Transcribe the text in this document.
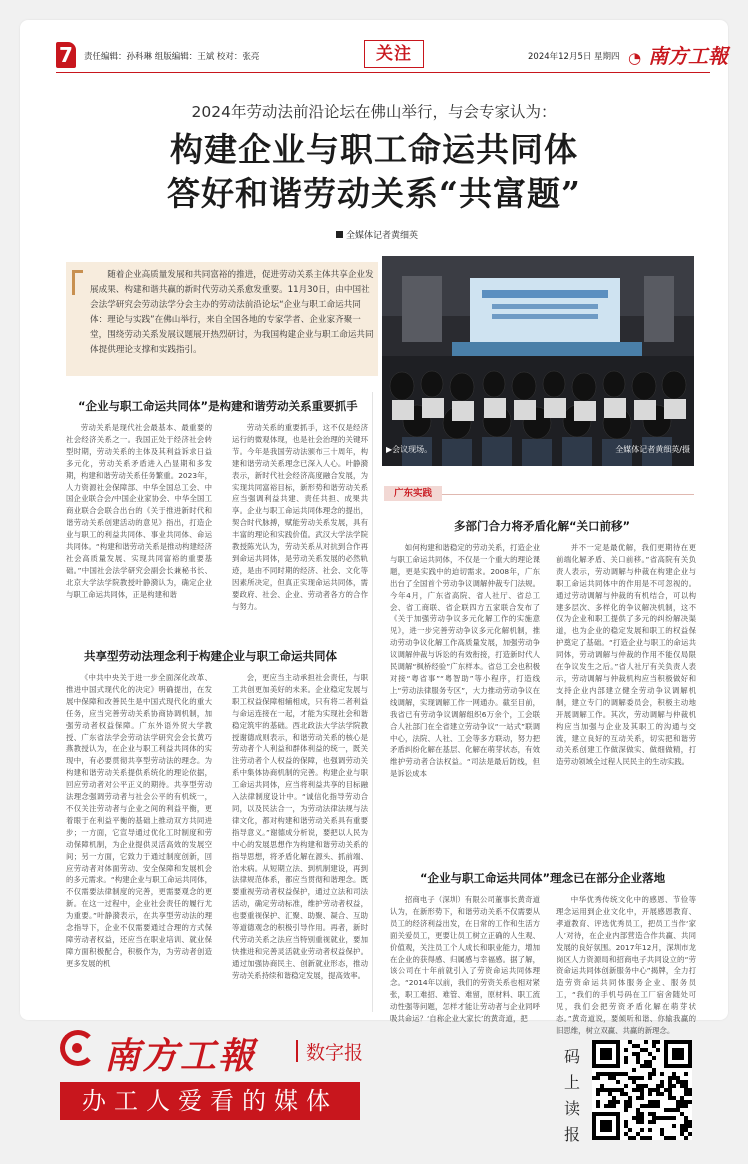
7	责任编辑：孙科琳 组版编辑：王斌 校对：张亮	关注	2024年12月5日 星期四 ◔ 南方工報
2024年劳动法前沿论坛在佛山举行，与会专家认为：
构建企业与职工命运共同体
答好和谐劳动关系“共富题”
全媒体记者黄细英
随着企业高质量发展和共同富裕的推进，促进劳动关系主体共享企业发展成果、构建和谐共赢的新时代劳动关系愈发重要。11月30日，由中国社会法学研究会劳动法学分会主办的劳动法前沿论坛“企业与职工命运共同体：理论与实践”在佛山举行，来自全国各地的专家学者、企业家齐聚一堂，围绕劳动关系发展议题展开热烈研讨，为我国构建企业与职工命运共同体提供理论支撑和实践指引。
▶会议现场。	全媒体记者黄细英/摄
“企业与职工命运共同体”是构建和谐劳动关系重要抓手
劳动关系是现代社会最基本、最重要的社会经济关系之一。我国正处于经济社会转型时期，劳动关系的主体及其利益诉求日益多元化，劳动关系矛盾进入凸显期和多发期，构建和谐劳动关系任务繁重。2023年，人力资源社会保障部、中华全国总工会、中国企业联合会/中国企业家协会、中华全国工商业联合会联合出台的《关于推进新时代和谐劳动关系创建活动的意见》指出，打造企业与职工的利益共同体、事业共同体、命运共同体。“构建和谐劳动关系是推动构建经济社会高质量发展、实现共同富裕的重要基础。”中国社会法学研究会副会长兼秘书长、北京大学法学院教授叶静漪认为，确定企业与职工命运共同体，正是构建和谐
劳动关系的重要抓手，这不仅是经济运行的微观体现，也是社会治理的关键环节。今年是我国劳动法颁布三十周年，构建和谐劳动关系理念已深入人心。叶静漪表示，新时代社会经济高度融合发展，为实现共同富裕目标，新形势和谐劳动关系应当强调利益共建、责任共担、成果共享。企业与职工命运共同体理念的提出，契合时代脉搏，赋能劳动关系发展，具有丰富的理论和实践价值。武汉大学法学院教授陈光认为，劳动关系从对抗到合作再到命运共同体，是劳动关系发展的必然轨迹，是由不同时期的经济、社会、文化等因素所决定，但真正实现命运共同体，需要政府、社会、企业、劳动者各方的合作与努力。
共享型劳动法理念利于构建企业与职工命运共同体
《中共中央关于进一步全面深化改革、推进中国式现代化的决定》明确提出，在发展中保障和改善民生是中国式现代化的重大任务，应当完善劳动关系协商协调机制，加强劳动者权益保障。广东外语外贸大学教授、广东省法学会劳动法学研究会会长黄巧燕教授认为，在企业与职工利益共同体的实现中，有必要贯彻共享型劳动法的理念。为构建和谐劳动关系提供系统化的理论依据，回应劳动者对公平正义的期待。共享型劳动法理念强调劳动者与社会公平的有机统一，不仅关注劳动者与企业之间的利益平衡，更着眼于在利益平衡的基础上推动双方共同进步；一方面，它宣导通过优化工时制度和劳动保障机制，为企业提供灵活高效的发展空间；另一方面，它致力于通过制度创新，回应劳动者对体面劳动、安全保障和发展机会的多元需求。“构建企业与职工命运共同体，不仅需要法律制度的完善，更需要观念的更新。在这一过程中，企业社会责任的履行尤为重要。”叶静漪表示，在共享型劳动法的理念指导下，企业不仅需要通过合理的方式保障劳动者权益，还应当在职业培训、就业保障方面积极配合，积极作为，为劳动者创造更多发展的机
会，更应当主动承担社会责任，与职工共创更加美好的未来。企业稳定发展与职工权益保障相辅相成，只有将二者利益与命运连接在一起，才能为实现社会和谐稳定筑牢的基础。西北政法大学法学院教授谢德成则表示，和谐劳动关系的核心是劳动者个人利益和群体利益的统一，既关注劳动者个人权益的保障，也强调劳动关系中集体协商机制的完善。构建企业与职工命运共同体，应当将利益共享的目标融入法律制度设计中。“诚信化指导劳动合同，以及民法合一，为劳动法律法规与法律文化，都对构建和谐劳动关系具有重要指导意义。”谢德成分析说，要把以人民为中心的发展思想作为构建和谐劳动关系的指导思想，将矛盾化解在源头、抓前端、治未病。从短期立法、到机制建设，再到法律规范体系，都应当贯彻和谐理念。既要重视劳动者权益保护，通过立法和司法活动，确定劳动标准，维护劳动者权益，也要重视保护、汇聚、助聚、凝合、互助等道德观念的积极引导作用。再者，新时代劳动关系之法应当特别重视就业，要加快推进和完善灵活就业劳动者权益保护。通过加强协商民主、创新就业形态，推动劳动关系持续和谐稳定发展，提高效率。
广东实践
多部门合力将矛盾化解“关口前移”
如何构建和谐稳定的劳动关系，打造企业与职工命运共同体，不仅是一个重大的理论课题，更是实践中的迫切需求。2008年，广东出台了全国首个劳动争议调解仲裁专门法规。今年4月，广东省高院、省人社厅、省总工会、省工商联、省企联四方五家联合发布了《关于加强劳动争议多元化解工作的实施意见》，进一步完善劳动争议多元化解机制，推动劳动争议化解工作高质量发展，加强劳动争议调解仲裁与诉讼的有效衔接，打造新时代人民调解“枫桥经验”广东样本。省总工会也积极对接“粤省事”“粤智助”等小程序，打造线上“劳动法律服务专区”，大力推动劳动争议在线调解，实现调解工作一网通办。截至目前，我省已有劳动争议调解组织6万余个，工会联合人社部门在全省建立劳动争议“一站式”联调中心，法院、人社、工会等多方联动，努力把矛盾纠纷化解在基层、化解在萌芽状态，有效维护劳动者合法权益。“司法是最后防线，但是诉讼成本
并不一定是最优解，我们更期待在更前端化解矛盾、关口前移。”省高院有关负责人表示，劳动调解与仲裁在构建企业与职工命运共同体中的作用是不可忽视的。通过劳动调解与仲裁的有机结合，可以构建多层次、多样化的争议解决机制，这不仅为企业和职工提供了多元的纠纷解决渠道，也为企业的稳定发展和职工的权益保护奠定了基础。“打造企业与职工的命运共同体，劳动调解与仲裁的作用不能仅局限在争议发生之后。”省人社厅有关负责人表示，劳动调解与仲裁机构应当积极做好和支持企业内部建立健全劳动争议调解机制，建立专门的调解委员会，积极主动地开展调解工作。其次，劳动调解与仲裁机构应当加强与企业及其职工的沟通与交流，建立良好的互动关系，切实把和谐劳动关系创建工作做深做实、做细做精，打造劳动领域全过程人民民主的生动实践。
“企业与职工命运共同体”理念已在部分企业落地
招商电子（深圳）有限公司董事长黄奇道认为，在新形势下，和谐劳动关系不仅需要从员工的经济利益出发，在日常的工作和生活方面关爱员工，更要让员工树立正确的人生观、价值观，关注员工个人成长和职业能力，增加在企业的获得感、归属感与幸福感。据了解，该公司在十年前就引入了劳资命运共同体理念。“2014年以前，我们的劳资关系也相对紧张，职工难招、难管、难留，原材料、职工流动性强等问题，怎样才能让劳动者与企业同呼吸共命运？‘自称企业大家长’的黄奇道，把
中华优秀传统文化中的感恩、节俭等理念运用到企业文化中，开展感恩教育、孝道教育、评选优秀员工，把员工当作‘家人’对待，在企业内部营造合作共赢、共同发展的良好氛围。2017年12月，深圳市龙岗区人力资源局和招商电子共同设立的“劳资命运共同体创新服务中心”揭牌，全力打造劳资命运共同体服务企业、服务员工，“我们的手机号码在工厂宿舍随处可见，我们会把劳资矛盾化解在萌芽状态。”黄奇道说，要倾听和谐、你输我赢的旧思维，树立双赢、共赢的新理念。
南方工報	数字报
办工人爱看的媒体
码上读报
